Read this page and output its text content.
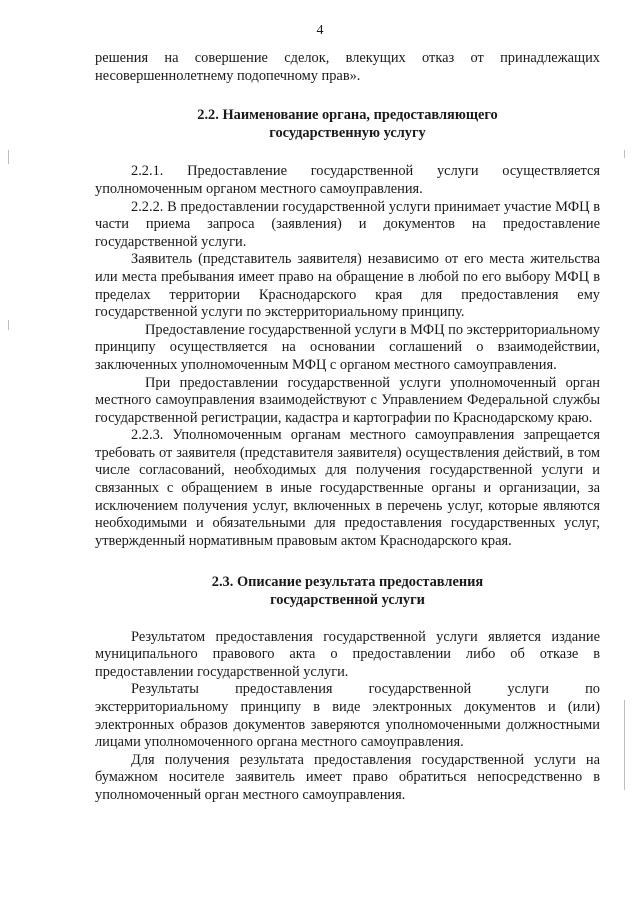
4

решения на совершение сделок, влекущих отказ от принадлежащих несовершеннолетнему подопечному прав».

2.2. Наименование органа, предоставляющего
государственную услугу

2.2.1. Предоставление государственной услуги осуществляется уполномоченным органом местного самоуправления.

2.2.2. В предоставлении государственной услуги принимает участие МФЦ в части приема запроса (заявления) и документов на предоставление государственной услуги.

Заявитель (представитель заявителя) независимо от его места жительства или места пребывания имеет право на обращение в любой по его выбору МФЦ в пределах территории Краснодарского края для предоставления ему государственной услуги по экстерриториальному принципу.

Предоставление государственной услуги в МФЦ по экстерриториальному принципу осуществляется на основании соглашений о взаимодействии, заключенных уполномоченным МФЦ с органом местного самоуправления.

При предоставлении государственной услуги уполномоченный орган местного самоуправления взаимодействуют с Управлением Федеральной службы государственной регистрации, кадастра и картографии по Краснодарскому краю.

2.2.3. Уполномоченным органам местного самоуправления запрещается требовать от заявителя (представителя заявителя) осуществления действий, в том числе согласований, необходимых для получения государственной услуги и связанных с обращением в иные государственные органы и организации, за исключением получения услуг, включенных в перечень услуг, которые являются необходимыми и обязательными для предоставления государственных услуг, утвержденный нормативным правовым актом Краснодарского края.

2.3. Описание результата предоставления
государственной услуги

Результатом предоставления государственной услуги является издание муниципального правового акта о предоставлении либо об отказе в предоставлении государственной услуги.

Результаты предоставления государственной услуги по экстерриториальному принципу в виде электронных документов и (или) электронных образов документов заверяются уполномоченными должностными лицами уполномоченного органа местного самоуправления.

Для получения результата предоставления государственной услуги на бумажном носителе заявитель имеет право обратиться непосредственно в уполномоченный орган местного самоуправления.
